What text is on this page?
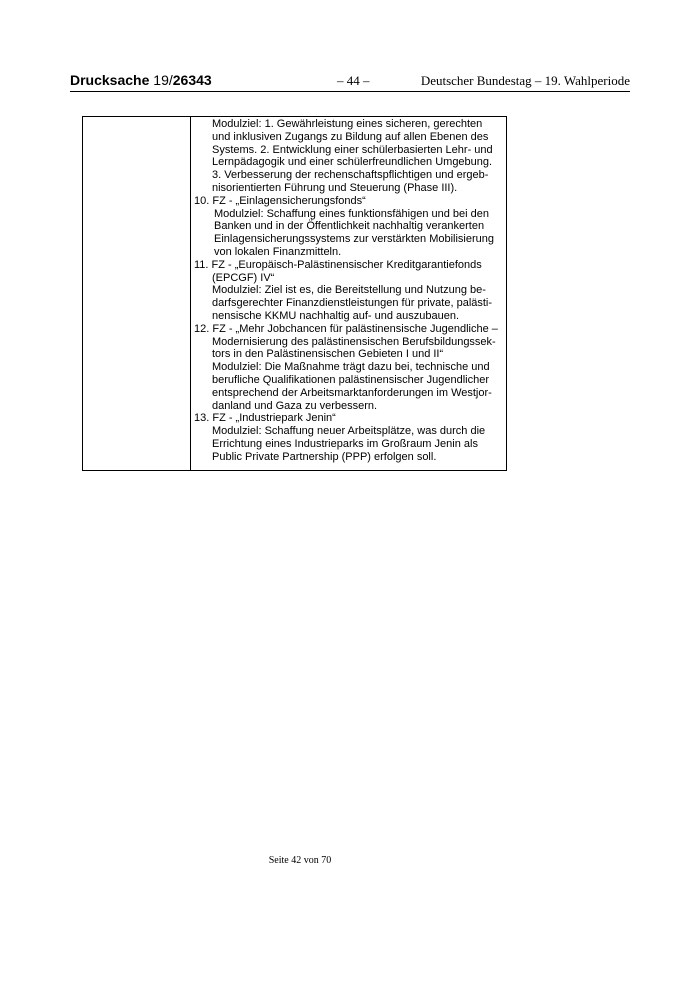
Drucksache 19/26343	– 44 –	Deutscher Bundestag – 19. Wahlperiode
Modulziel: 1. Gewährleistung eines sicheren, gerechten
und inklusiven Zugangs zu Bildung auf allen Ebenen des
Systems. 2. Entwicklung einer schülerbasierten Lehr- und
Lernpädagogik und einer schülerfreundlichen Umgebung.
3. Verbesserung der rechenschaftspflichtigen und ergeb-
nisorientierten Führung und Steuerung (Phase III).
10. FZ - „Einlagensicherungsfonds“
Modulziel: Schaffung eines funktionsfähigen und bei den
Banken und in der Öffentlichkeit nachhaltig verankerten
Einlagensicherungssystems zur verstärkten Mobilisierung
von lokalen Finanzmitteln.
11. FZ - „Europäisch-Palästinensischer Kreditgarantiefonds
(EPCGF) IV“
Modulziel: Ziel ist es, die Bereitstellung und Nutzung be-
darfsgerechter Finanzdienstleistungen für private, palästi-
nensische KKMU nachhaltig auf- und auszubauen.
12. FZ - „Mehr Jobchancen für palästinensische Jugendliche –
Modernisierung des palästinensischen Berufsbildungssek-
tors in den Palästinensischen Gebieten I und II“
Modulziel: Die Maßnahme trägt dazu bei, technische und
berufliche Qualifikationen palästinensischer Jugendlicher
entsprechend der Arbeitsmarktanforderungen im Westjor-
danland und Gaza zu verbessern.
13. FZ - „Industriepark Jenin“
Modulziel: Schaffung neuer Arbeitsplätze, was durch die
Errichtung eines Industrieparks im Großraum Jenin als
Public Private Partnership (PPP) erfolgen soll.
Seite 42 von 70
